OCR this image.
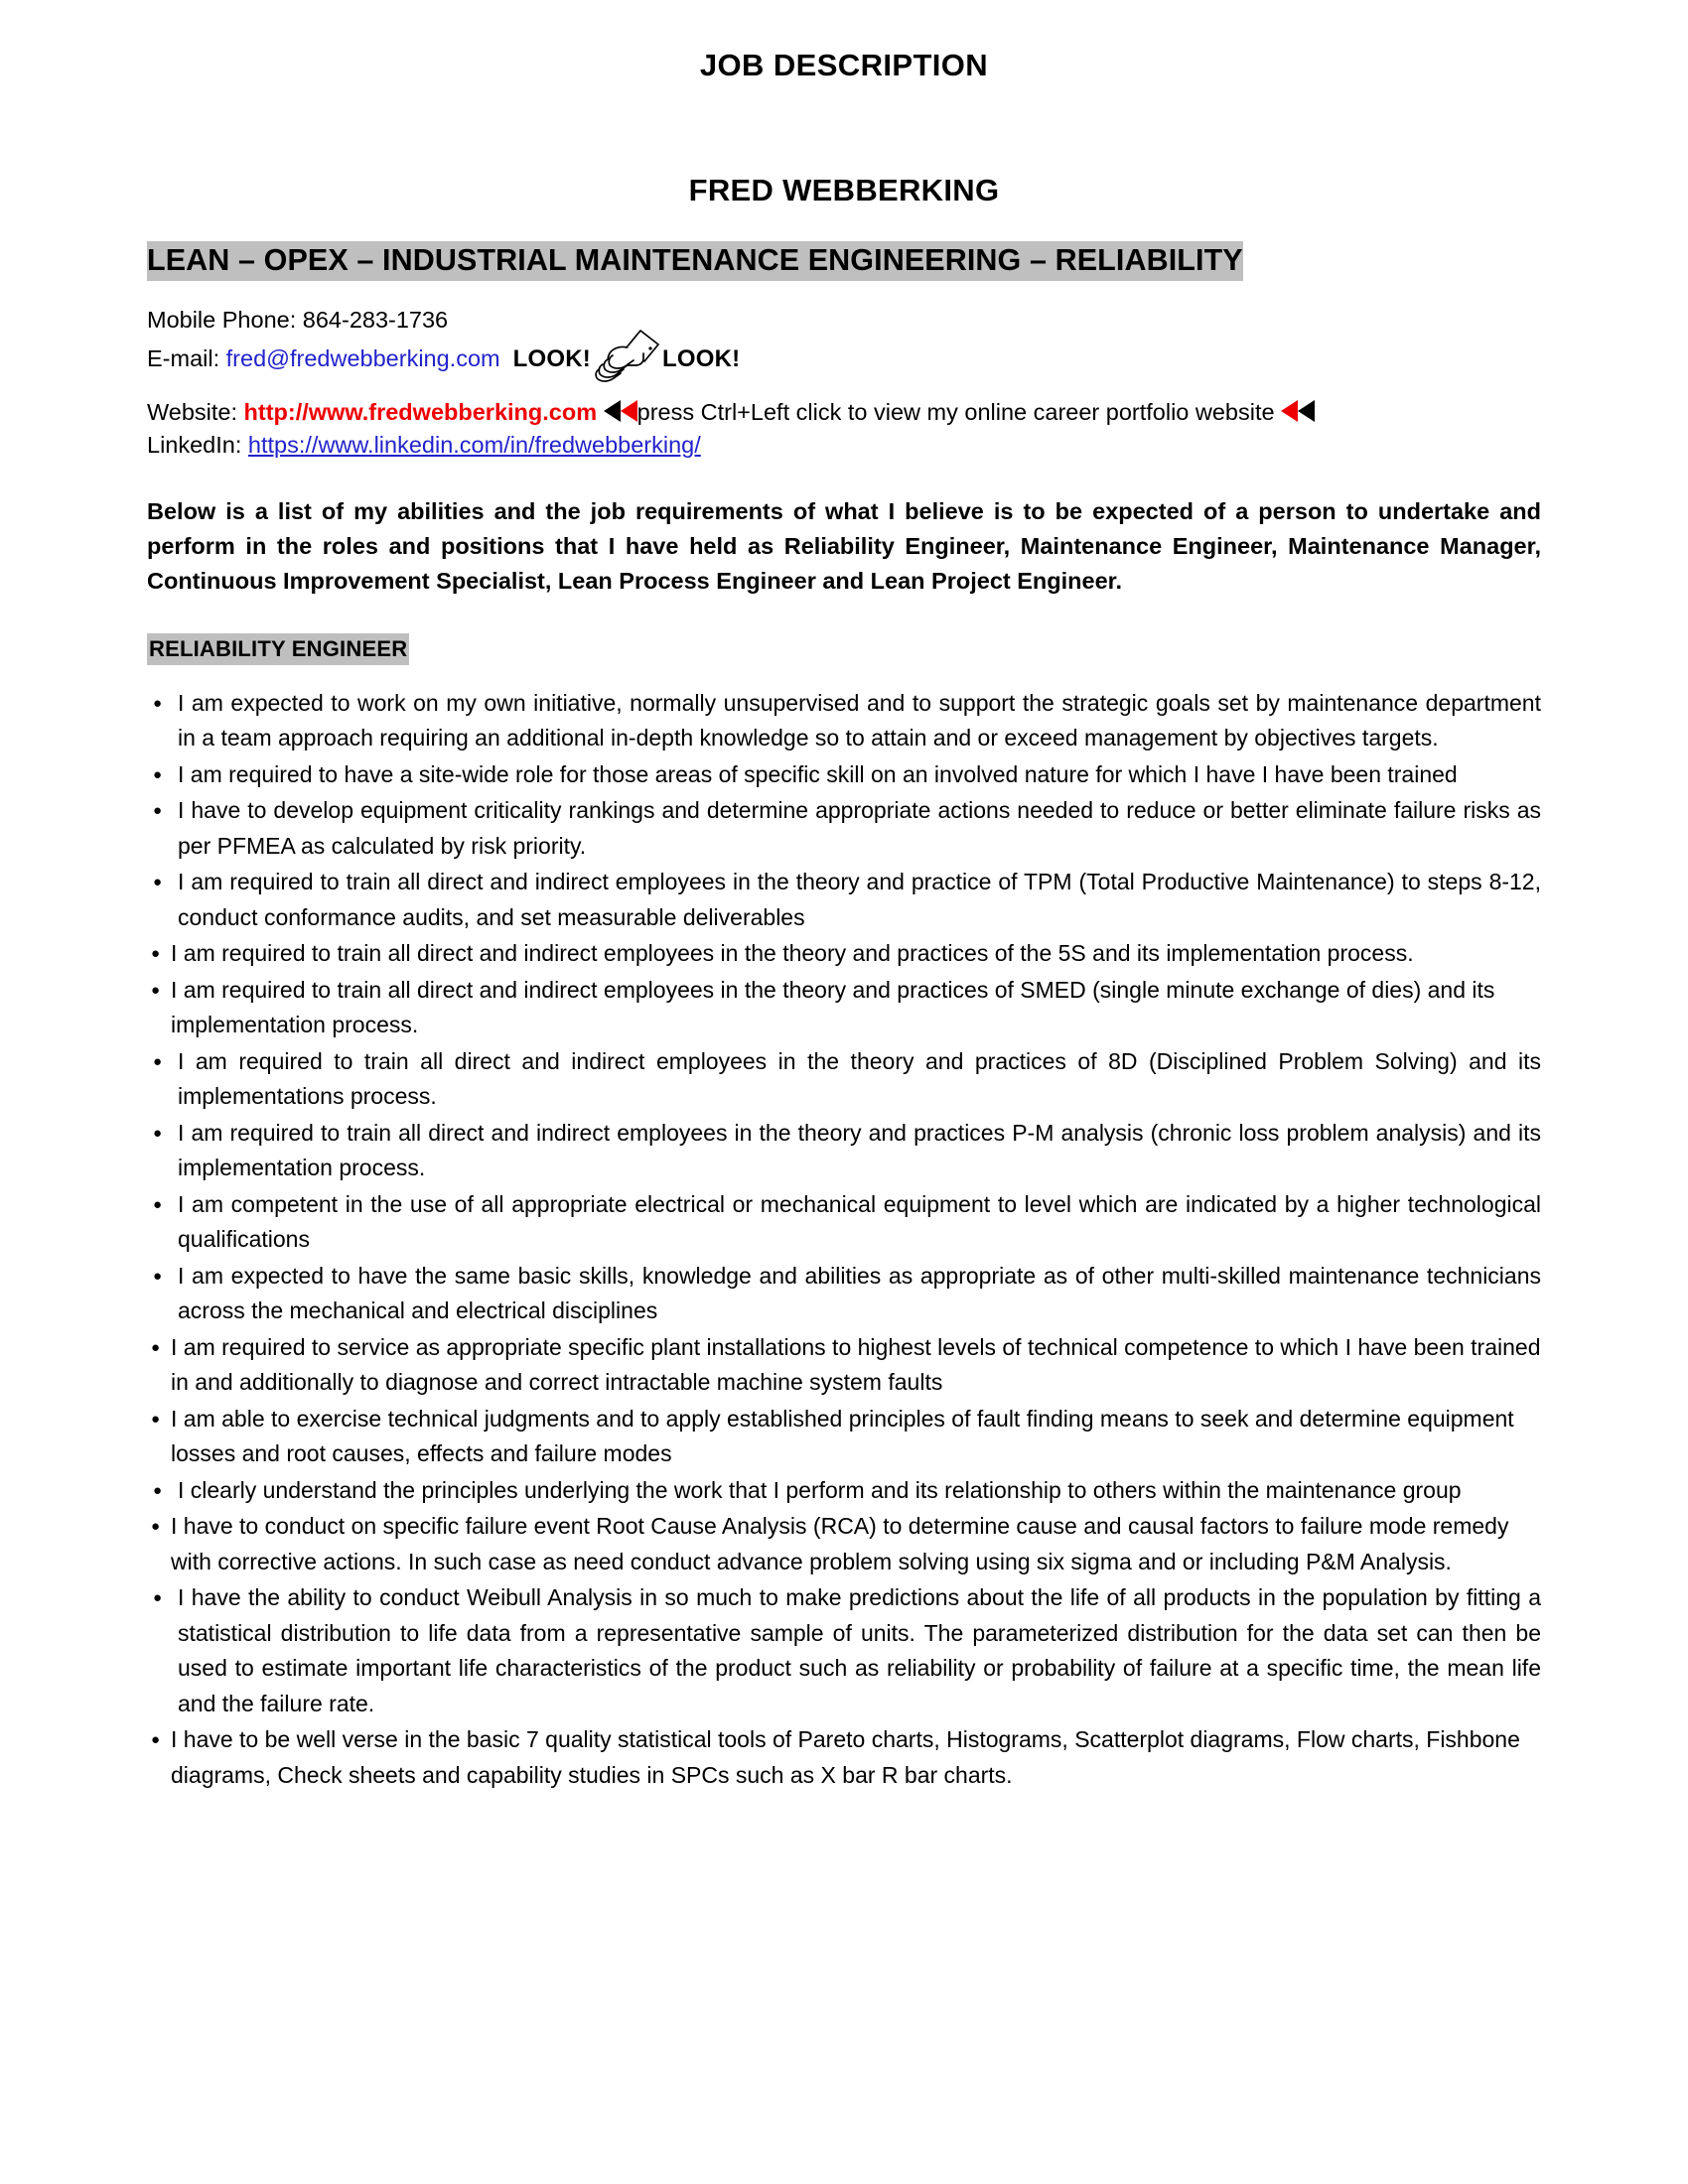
JOB DESCRIPTION
FRED WEBBERKING
LEAN – OPEX – INDUSTRIAL MAINTENANCE ENGINEERING – RELIABILITY
Mobile Phone: 864-283-1736
E-mail: fred@fredwebberking.com LOOK!	LOOK!
Website: http://www.fredwebberking.com press Ctrl+Left click to view my online career portfolio website
LinkedIn: https://www.linkedin.com/in/fredwebberking/
Below is a list of my abilities and the job requirements of what I believe is to be expected of a person to undertake and perform in the roles and positions that I have held as Reliability Engineer, Maintenance Engineer, Maintenance Manager, Continuous Improvement Specialist, Lean Process Engineer and Lean Project Engineer.
RELIABILITY ENGINEER
● I am expected to work on my own initiative, normally unsupervised and to support the strategic goals set by maintenance department in a team approach requiring an additional in-depth knowledge so to attain and or exceed management by objectives targets.
● I am required to have a site-wide role for those areas of specific skill on an involved nature for which I have I have been trained
● I have to develop equipment criticality rankings and determine appropriate actions needed to reduce or better eliminate failure risks as per PFMEA as calculated by risk priority.
● I am required to train all direct and indirect employees in the theory and practice of TPM (Total Productive Maintenance) to steps 8-12, conduct conformance audits, and set measurable deliverables
● I am required to train all direct and indirect employees in the theory and practices of the 5S and its implementation process.
● I am required to train all direct and indirect employees in the theory and practices of SMED (single minute exchange of dies) and its implementation process.
● I am required to train all direct and indirect employees in the theory and practices of 8D (Disciplined Problem Solving) and its implementations process.
● I am required to train all direct and indirect employees in the theory and practices P-M analysis (chronic loss problem analysis) and its implementation process.
● I am competent in the use of all appropriate electrical or mechanical equipment to level which are indicated by a higher technological qualifications
● I am expected to have the same basic skills, knowledge and abilities as appropriate as of other multi-skilled maintenance technicians across the mechanical and electrical disciplines
● I am required to service as appropriate specific plant installations to highest levels of technical competence to which I have been trained in and additionally to diagnose and correct intractable machine system faults
● I am able to exercise technical judgments and to apply established principles of fault finding means to seek and determine equipment losses and root causes, effects and failure modes
● I clearly understand the principles underlying the work that I perform and its relationship to others within the maintenance group
● I have to conduct on specific failure event Root Cause Analysis (RCA) to determine cause and causal factors to failure mode remedy with corrective actions. In such case as need conduct advance problem solving using six sigma and or including P&M Analysis.
● I have the ability to conduct Weibull Analysis in so much to make predictions about the life of all products in the population by fitting a statistical distribution to life data from a representative sample of units. The parameterized distribution for the data set can then be used to estimate important life characteristics of the product such as reliability or probability of failure at a specific time, the mean life and the failure rate.
● I have to be well verse in the basic 7 quality statistical tools of Pareto charts, Histograms, Scatterplot diagrams, Flow charts, Fishbone diagrams, Check sheets and capability studies in SPCs such as X bar R bar charts.
